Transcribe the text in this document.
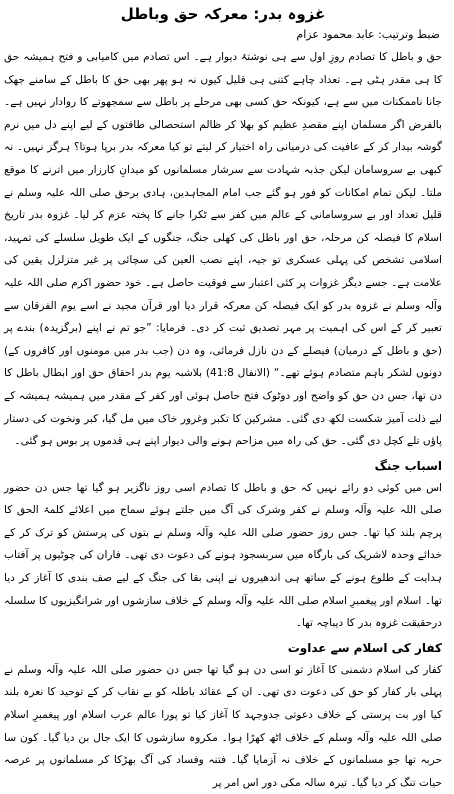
غزوہ بدر: معرکہ حق وباطل
ضبط وترتیب: عابد محمود عزام

حق و باطل کا تصادم روزِ اول سے ہی نوشتۂ دیوار ہے۔ اس تصادم میں کامیابی و فتح ہمیشہ حق کا ہی مقدر ہٹی ہے۔ تعداد چاہے کتنی ہی قلیل کیوں نہ ہو پھر بھی حق کا باطل کے سامنے جھک جانا ناممکنات میں سے ہے، کیونکہ حق کسی بھی مرحلے پر باطل سے سمجھوتے کا روادار نہیں ہے۔ بالفرض اگر مسلمان اپنے مقصدِ عظیم کو بھلا کر ظالم استحصالی طاقتوں کے لیے اپنے دل میں نرم گوشہ بیدار کر کے عافیت کی درمیانی راہ اختیار کر لیتے تو کیا معرکہ بدر برپا ہوتا؟ ہرگز نہیں۔ نہ کبھی بے سروسامان لیکن جذبہ شہادت سے سرشار مسلمانوں کو میدانِ کارزار میں اترنے کا موقع ملتا۔ لیکن تمام امکانات کو فور ہو گئے جب امام المجاہدین، ہادی برحق صلی اللہ علیہ وسلم نے قلیل تعداد اور بے سروسامانی کے عالم میں کفر سے ٹکرا جانے کا پختہ عزم کر لیا۔ غزوہ بدر تاریخ اسلام کا فیصلہ کن مرحلہ، حق اور باطل کی کھلی جنگ، جنگوں کے ایک طویل سلسلے کی تمہید، اسلامی تشخص کی پہلی عسکری تو جیہ، اپنے نصب العین کی سچائی پر غیر متزلزل یقین کی علامت ہے۔ جسے دیگر غزوات پر کئی اعتبار سے فوقیت حاصل ہے۔ خود حضور اکرم صلی اللہ علیہ وآلہ وسلم نے غزوہ بدر کو ایک فیصلہ کن معرکہ قرار دیا اور قرآن مجید نے اسے یوم الفرقان سے تعبیر کر کے اس کی اہمیت پر مہر تصدیق ثبت کر دی۔ فرمایا: ”جو تم نے اپنے (برگزیدہ) بندے پر (حق و باطل کے درمیان) فیصلے کے دن نازل فرمائی، وہ دن (جب بدر میں مومنوں اور کافروں کے) دونوں لشکر باہم متصادم ہوئے تھے۔“ (الانفال 41:8) بلاشبہ یوم بدر احقاق حق اور ابطال باطل کا دن تھا، جس دن حق کو واضح اور دوٹوک فتح حاصل ہوئی اور کفر کے مقدر میں ہمیشہ ہمیشہ کے لیے ذلت آمیز شکست لکھ دی گئی۔ مشرکین کا تکبر وغرور خاک میں مل گیا، کبر ونخوت کی دستار پاؤں تلے کچل دی گئی۔ حق کی راہ میں مزاحم ہونے والی دیوار اپنے ہی قدموں پر بوس ہو گئی۔

اسباب جنگ

اس میں کوئی دو رائے نہیں کہ حق و باطل کا تصادم اسی روز ناگزیر ہو گیا تھا جس دن حضور صلی اللہ علیہ وآلہ وسلم نے کفر وشرک کی آگ میں جلتے ہوئے سماج میں اعلائے کلمۃ الحق کا پرچم بلند کیا تھا۔ جس روز حضور صلی اللہ علیہ وآلہ وسلم نے بتوں کی پرستش کو ترک کر کے خدائے وحدہ لاشریک کی بارگاہ میں سربسجود ہونے کی دعوت دی تھی۔ فاران کی چوٹیوں پر آفتاب ہدایت کے طلوع ہونے کے ساتھ ہی اندھیروں نے اپنی بقا کی جنگ کے لیے صف بندی کا آغاز کر دیا تھا۔ اسلام اور پیغمبرِ اسلام صلی اللہ علیہ وآلہ وسلم کے خلاف سازشوں اور شرانگیزیوں کا سلسلہ درحقیقت غزوہ بدر کا دیباچہ تھا۔

کفار کی اسلام سے عداوت

کفار کی اسلام دشمنی کا آغاز تو اسی دن ہو گیا تھا جس دن حضور صلی اللہ علیہ وآلہ وسلم نے پہلی بار کفار کو حق کی دعوت دی تھی۔ ان کے عقائد باطلہ کو بے نقاب کر کے توحید کا نعرہ بلند کیا اور بت پرستی کے خلاف دعوتی جدوجہد کا آغاز کیا تو پورا عالم عرب اسلام اور پیغمبرِ اسلام صلی اللہ علیہ وآلہ وسلم کے خلاف اٹھ کھڑا ہوا۔ مکروہ سازشوں کا ایک جال بن دیا گیا۔ کون سا حربہ تھا جو مسلمانوں کے خلاف نہ آزمایا گیا۔ فتنہ وفساد کی آگ بھڑکا کر مسلمانوں پر عرصہ حیات تنگ کر دیا گیا۔ تیرہ سالہ مکی دور اس امر پر
